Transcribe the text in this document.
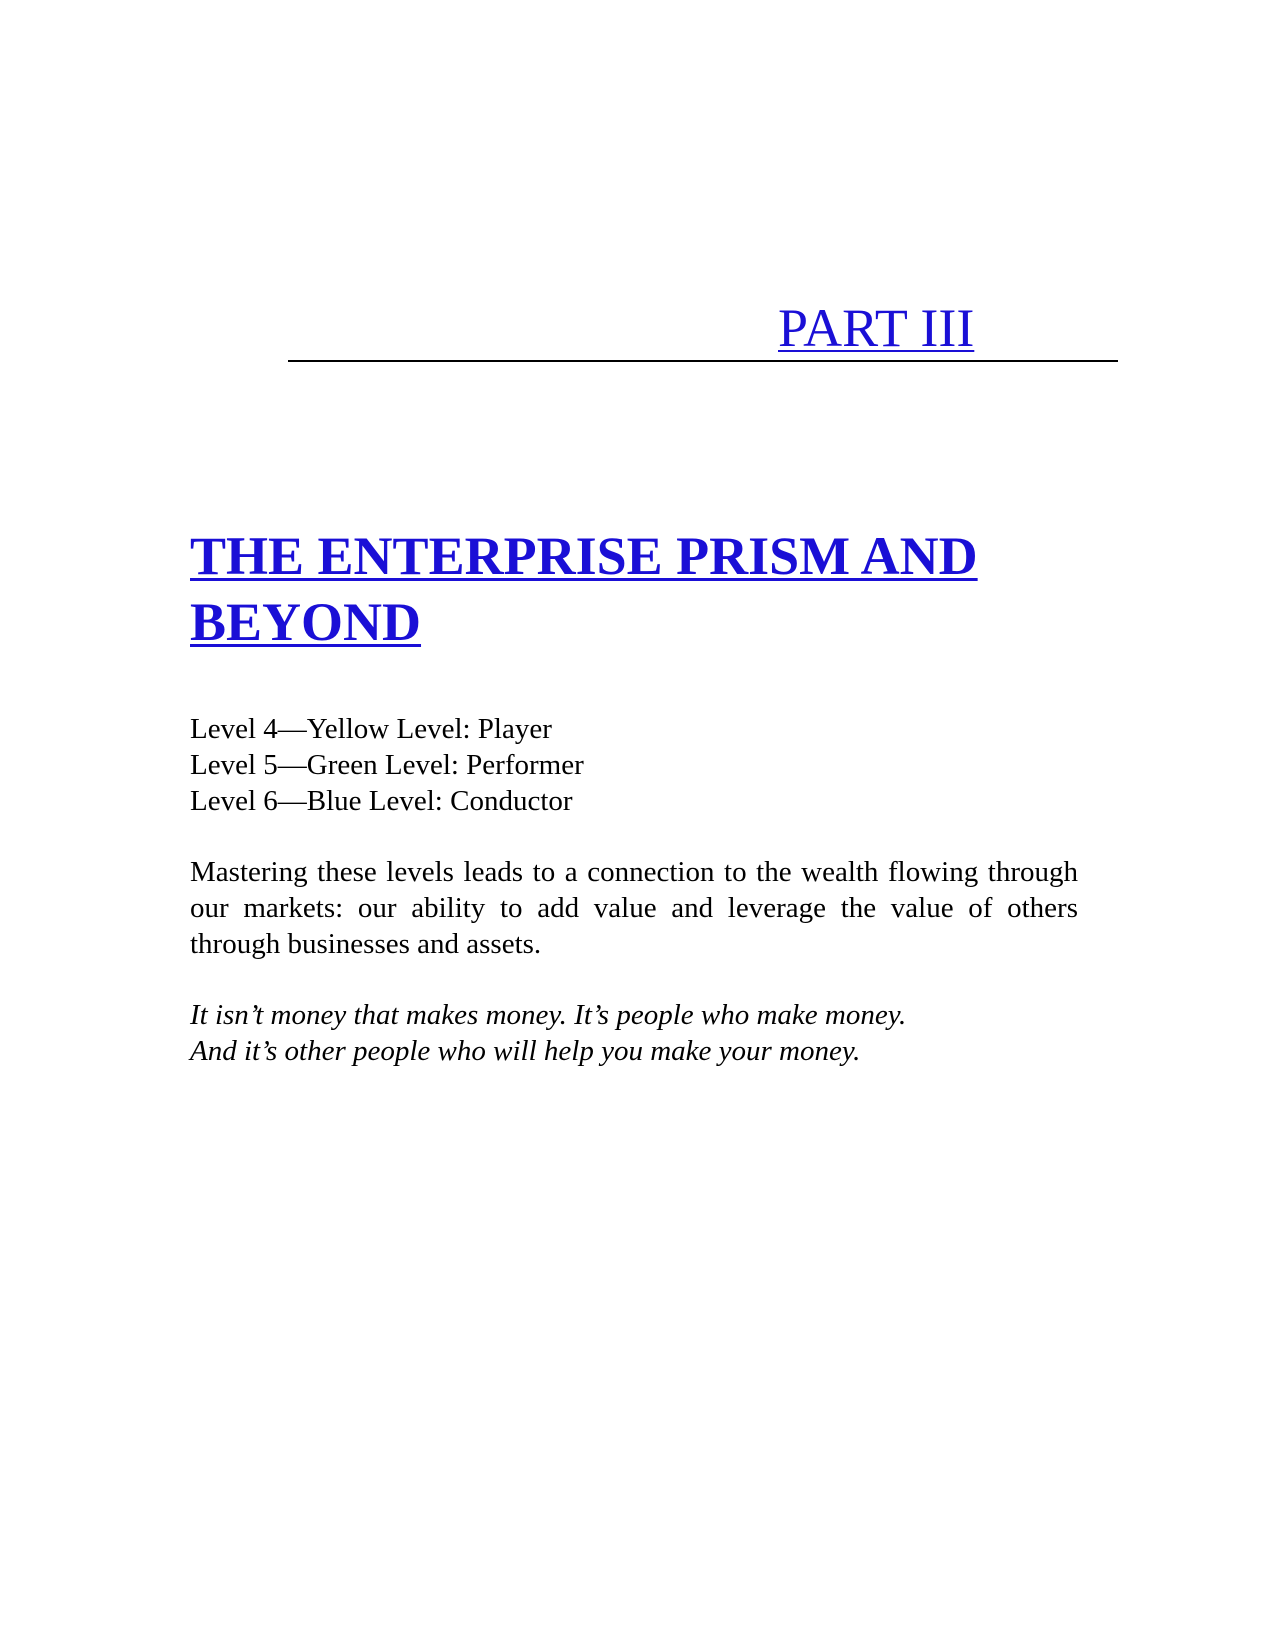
PART III
THE ENTERPRISE PRISM AND BEYOND
Level 4—Yellow Level: Player
Level 5—Green Level: Performer
Level 6—Blue Level: Conductor

Mastering these levels leads to a connection to the wealth flowing through our markets: our ability to add value and leverage the value of others through businesses and assets.

It isn’t money that makes money. It’s people who make money.
And it’s other people who will help you make your money.
